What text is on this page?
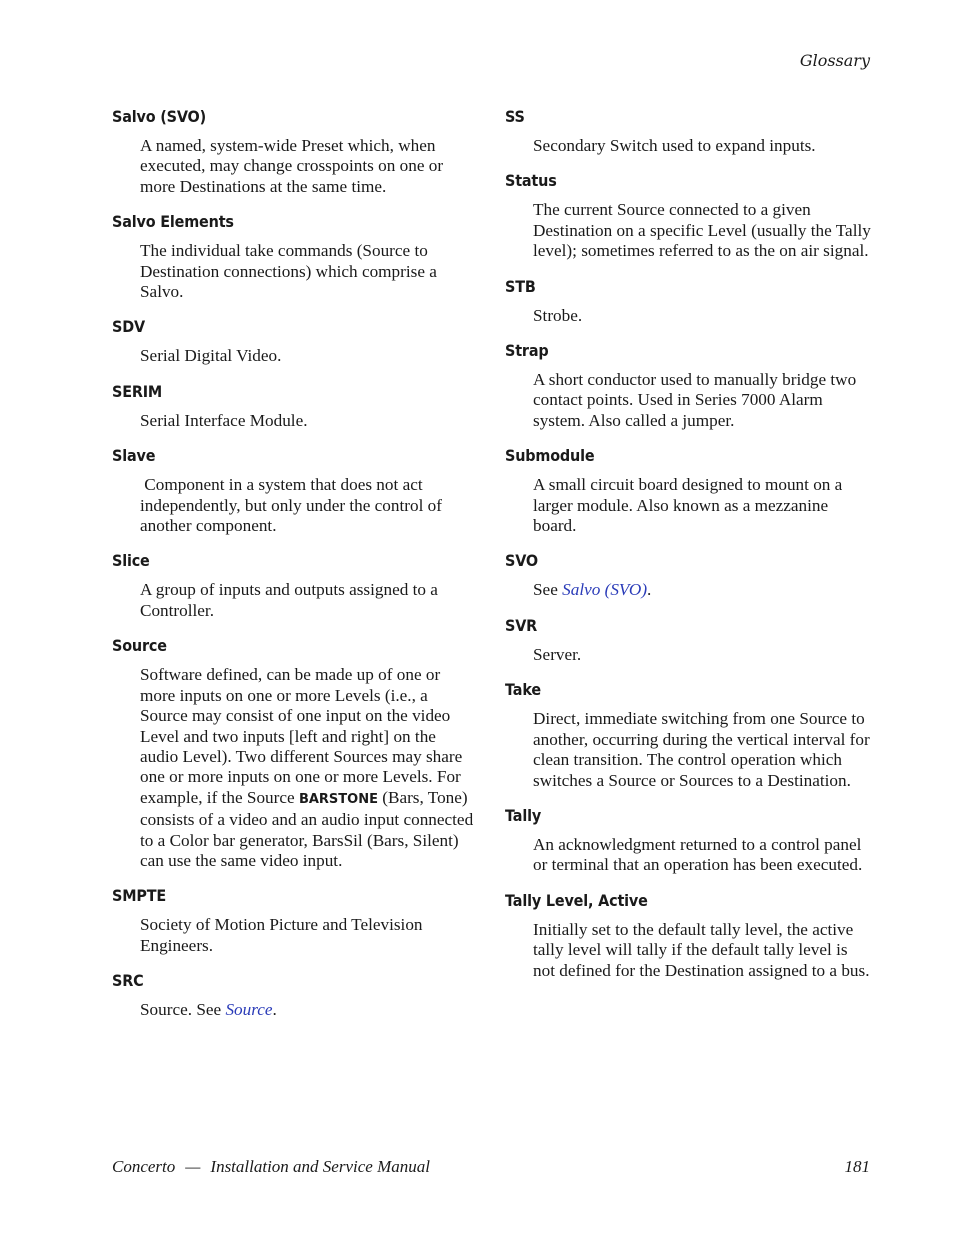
Glossary
Salvo (SVO)
A named, system-wide Preset which, when executed, may change crosspoints on one or more Destinations at the same time.
Salvo Elements
The individual take commands (Source to Destination connections) which comprise a Salvo.
SDV
Serial Digital Video.
SERIM
Serial Interface Module.
Slave
Component in a system that does not act independently, but only under the control of another component.
Slice
A group of inputs and outputs assigned to a Controller.
Source
Software defined, can be made up of one or more inputs on one or more Levels (i.e., a Source may consist of one input on the video Level and two inputs [left and right] on the audio Level). Two different Sources may share one or more inputs on one or more Levels. For example, if the Source BARSTONE (Bars, Tone) consists of a video and an audio input connected to a Color bar generator, BarsSil (Bars, Silent) can use the same video input.
SMPTE
Society of Motion Picture and Television Engineers.
SRC
Source. See Source.
SS
Secondary Switch used to expand inputs.
Status
The current Source connected to a given Destination on a specific Level (usually the Tally level); sometimes referred to as the on air signal.
STB
Strobe.
Strap
A short conductor used to manually bridge two contact points. Used in Series 7000 Alarm system. Also called a jumper.
Submodule
A small circuit board designed to mount on a larger module. Also known as a mezzanine board.
SVO
See Salvo (SVO).
SVR
Server.
Take
Direct, immediate switching from one Source to another, occurring during the vertical interval for clean transition. The control operation which switches a Source or Sources to a Destination.
Tally
An acknowledgment returned to a control panel or terminal that an operation has been executed.
Tally Level, Active
Initially set to the default tally level, the active tally level will tally if the default tally level is not defined for the Destination assigned to a bus.
Concerto — Installation and Service Manual	181
